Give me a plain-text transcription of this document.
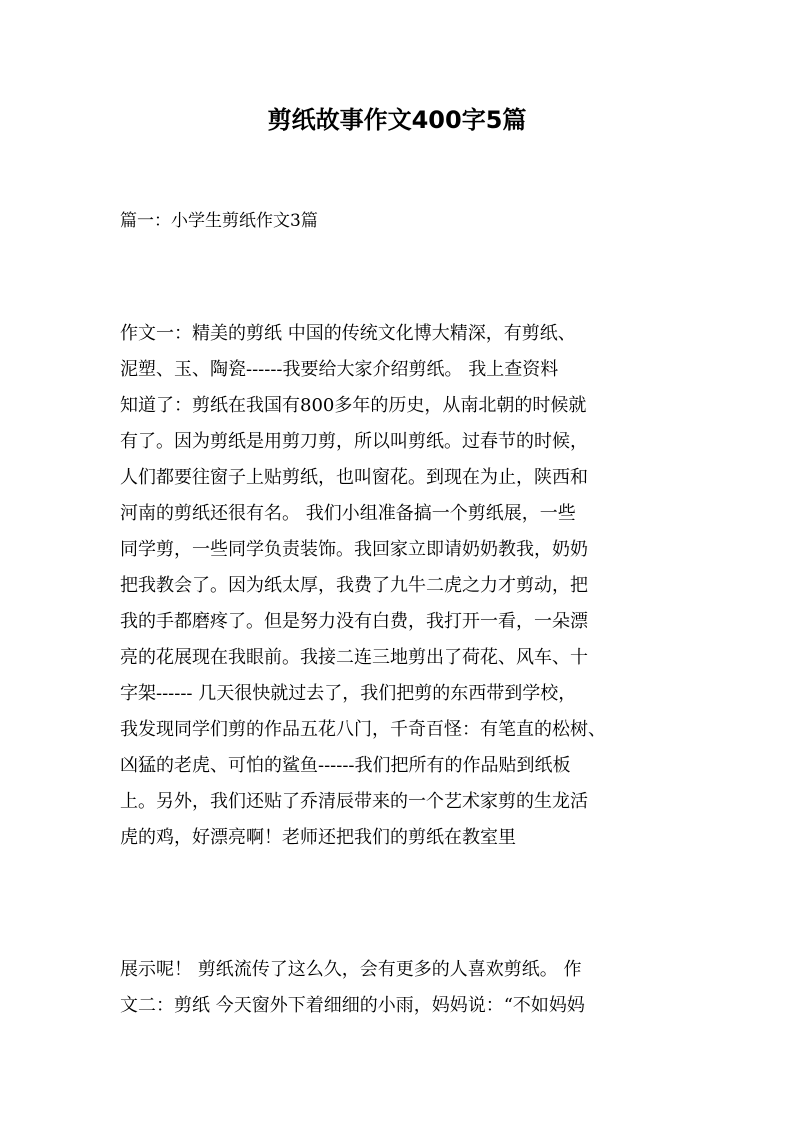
剪纸故事作文400字5篇

篇一：小学生剪纸作文3篇

作文一：精美的剪纸 中国的传统文化博大精深，有剪纸、
泥塑、玉、陶瓷------我要给大家介绍剪纸。 我上查资料
知道了：剪纸在我国有800多年的历史，从南北朝的时候就
有了。因为剪纸是用剪刀剪，所以叫剪纸。过春节的时候，
人们都要往窗子上贴剪纸，也叫窗花。到现在为止，陕西和
河南的剪纸还很有名。 我们小组准备搞一个剪纸展，一些
同学剪，一些同学负责装饰。我回家立即请奶奶教我，奶奶
把我教会了。因为纸太厚，我费了九牛二虎之力才剪动，把
我的手都磨疼了。但是努力没有白费，我打开一看，一朵漂
亮的花展现在我眼前。我接二连三地剪出了荷花、风车、十
字架------ 几天很快就过去了，我们把剪的东西带到学校，
我发现同学们剪的作品五花八门，千奇百怪：有笔直的松树、
凶猛的老虎、可怕的鲨鱼------我们把所有的作品贴到纸板
上。另外，我们还贴了乔清辰带来的一个艺术家剪的生龙活
虎的鸡，好漂亮啊！老师还把我们的剪纸在教室里
展示呢！ 剪纸流传了这么久，会有更多的人喜欢剪纸。 作
文二：剪纸 今天窗外下着细细的小雨，妈妈说：“不如妈妈
